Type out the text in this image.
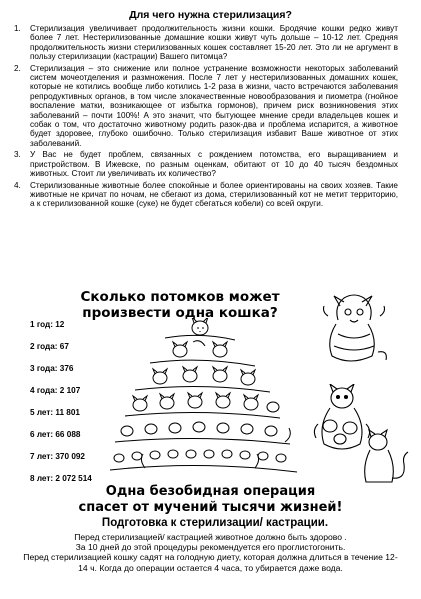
Для чего нужна стерилизация?
1. Стерилизация увеличивает продолжительность жизни кошки. Бродячие кошки редко живут более 7 лет. Нестерилизованные домашние кошки живут чуть дольше – 10-12 лет. Средняя продолжительность жизни стерилизованных кошек составляет 15-20 лет. Это ли не аргумент в пользу стерилизации (кастрации) Вашего питомца?
2. Стерилизация – это снижение или полное устранение возможности некоторых заболеваний систем мочеотделения и размножения. После 7 лет у нестерилизованных домашних кошек, которые не котились вообще либо котились 1-2 раза в жизни, часто встречаются заболевания репродуктивных органов, в том числе злокачественные новообразования и пиометра (гнойное воспаление матки, возникающее от избытка гормонов), причем риск возникновения этих заболеваний – почти 100%! А это значит, что бытующее мнение среди владельцев кошек и собак о том, что достаточно животному родить разок-два и проблема испарится, а животное будет здоровее, глубоко ошибочно. Только стерилизация избавит Ваше животное от этих заболеваний.
3. У Вас не будет проблем, связанных с рождением потомства, его выращиванием и пристройством. В Ижевске, по разным оценкам, обитают от 10 до 40 тысяч бездомных животных. Стоит ли увеличивать их количество?
4. Стерилизованные животные более спокойные и более ориентированы на своих хозяев. Такие животные не кричат по ночам, не сбегают из дома, стерилизованный кот не метит территорию, а к стерилизованной кошке (суке) не будет сбегаться кобели) со всей округи.
Сколько потомков может произвести одна кошка?
1 год: 12
2 года: 67
3 года: 376
4 года: 2 107
5 лет: 11 801
6 лет: 66 088
7 лет: 370 092
8 лет: 2 072 514
Одна безобидная операция
спасет от мучений тысячи жизней!
Подготовка к стерилизации/ кастрации.
Перед стерилизацией/ кастрацией животное должно быть здорово .
За 10 дней до этой процедуры рекомендуется его проглистогонить.
Перед стерилизацией кошку садят на голодную диету, которая должна длиться в течение 12-14 ч. Когда до операции остается 4 часа, то убирается даже вода.
